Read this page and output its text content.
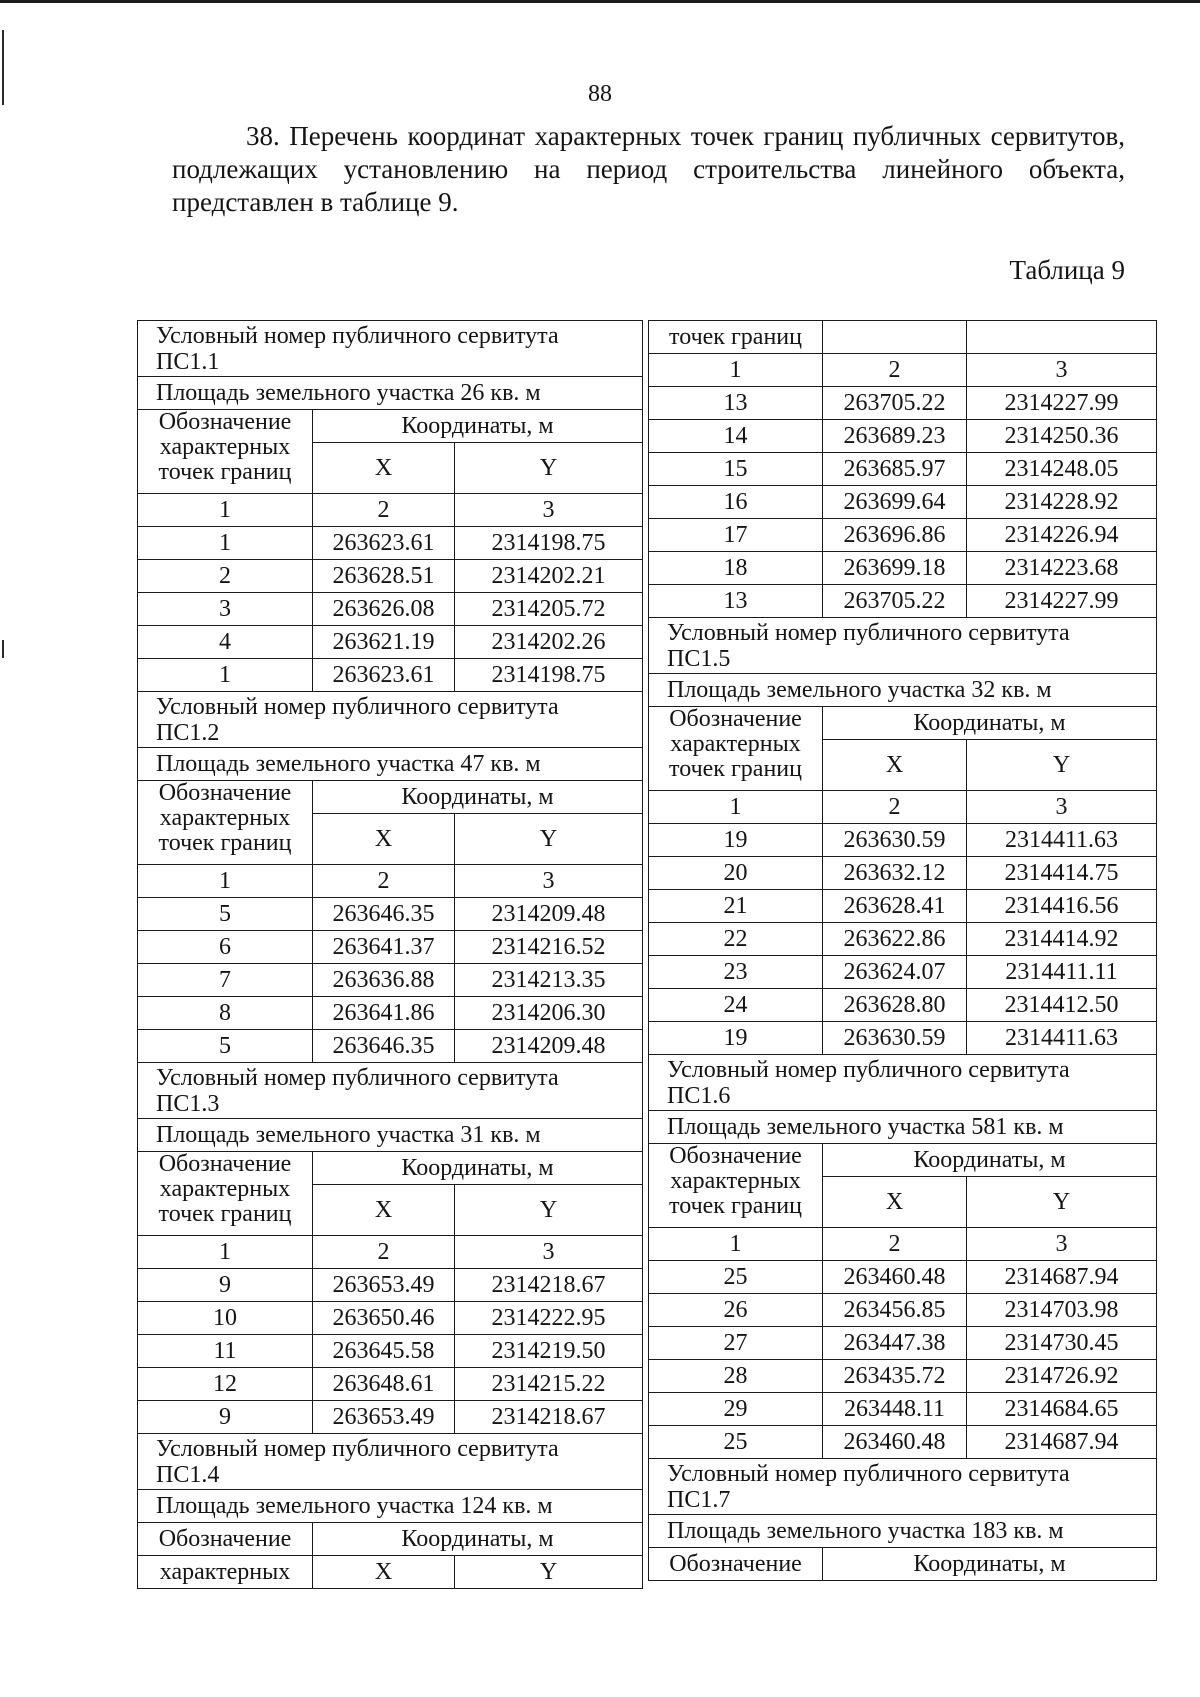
88

38. Перечень координат характерных точек границ публичных сервитутов, подлежащих установлению на период строительства линейного объекта, представлен в таблице 9.

Таблица 9
Условный номер публичного сервитута
ПС1.1		
Площадь земельного участка 26 кв. м		
Обозначение
характерных
точек границ	Координаты, м	
	X	Y
1	2	3
1	263623.61	2314198.75
2	263628.51	2314202.21
3	263626.08	2314205.72
4	263621.19	2314202.26
1	263623.61	2314198.75
Условный номер публичного сервитута
ПС1.2		
Площадь земельного участка 47 кв. м		
Обозначение
характерных
точек границ	Координаты, м	
	X	Y
1	2	3
5	263646.35	2314209.48
6	263641.37	2314216.52
7	263636.88	2314213.35
8	263641.86	2314206.30
5	263646.35	2314209.48
Условный номер публичного сервитута
ПС1.3		
Площадь земельного участка 31 кв. м		
Обозначение
характерных
точек границ	Координаты, м	
	X	Y
1	2	3
9	263653.49	2314218.67
10	263650.46	2314222.95
11	263645.58	2314219.50
12	263648.61	2314215.22
9	263653.49	2314218.67
Условный номер публичного сервитута
ПС1.4		
Площадь земельного участка 124 кв. м		
Обозначение	Координаты, м	
характерных	X	Y
точек границ		
1	2	3
13	263705.22	2314227.99
14	263689.23	2314250.36
15	263685.97	2314248.05
16	263699.64	2314228.92
17	263696.86	2314226.94
18	263699.18	2314223.68
13	263705.22	2314227.99
Условный номер публичного сервитута
ПС1.5		
Площадь земельного участка 32 кв. м		
Обозначение
характерных
точек границ	Координаты, м	
	X	Y
1	2	3
19	263630.59	2314411.63
20	263632.12	2314414.75
21	263628.41	2314416.56
22	263622.86	2314414.92
23	263624.07	2314411.11
24	263628.80	2314412.50
19	263630.59	2314411.63
Условный номер публичного сервитута
ПС1.6		
Площадь земельного участка 581 кв. м		
Обозначение
характерных
точек границ	Координаты, м	
	X	Y
1	2	3
25	263460.48	2314687.94
26	263456.85	2314703.98
27	263447.38	2314730.45
28	263435.72	2314726.92
29	263448.11	2314684.65
25	263460.48	2314687.94
Условный номер публичного сервитута
ПС1.7		
Площадь земельного участка 183 кв. м		
Обозначение	Координаты, м	
